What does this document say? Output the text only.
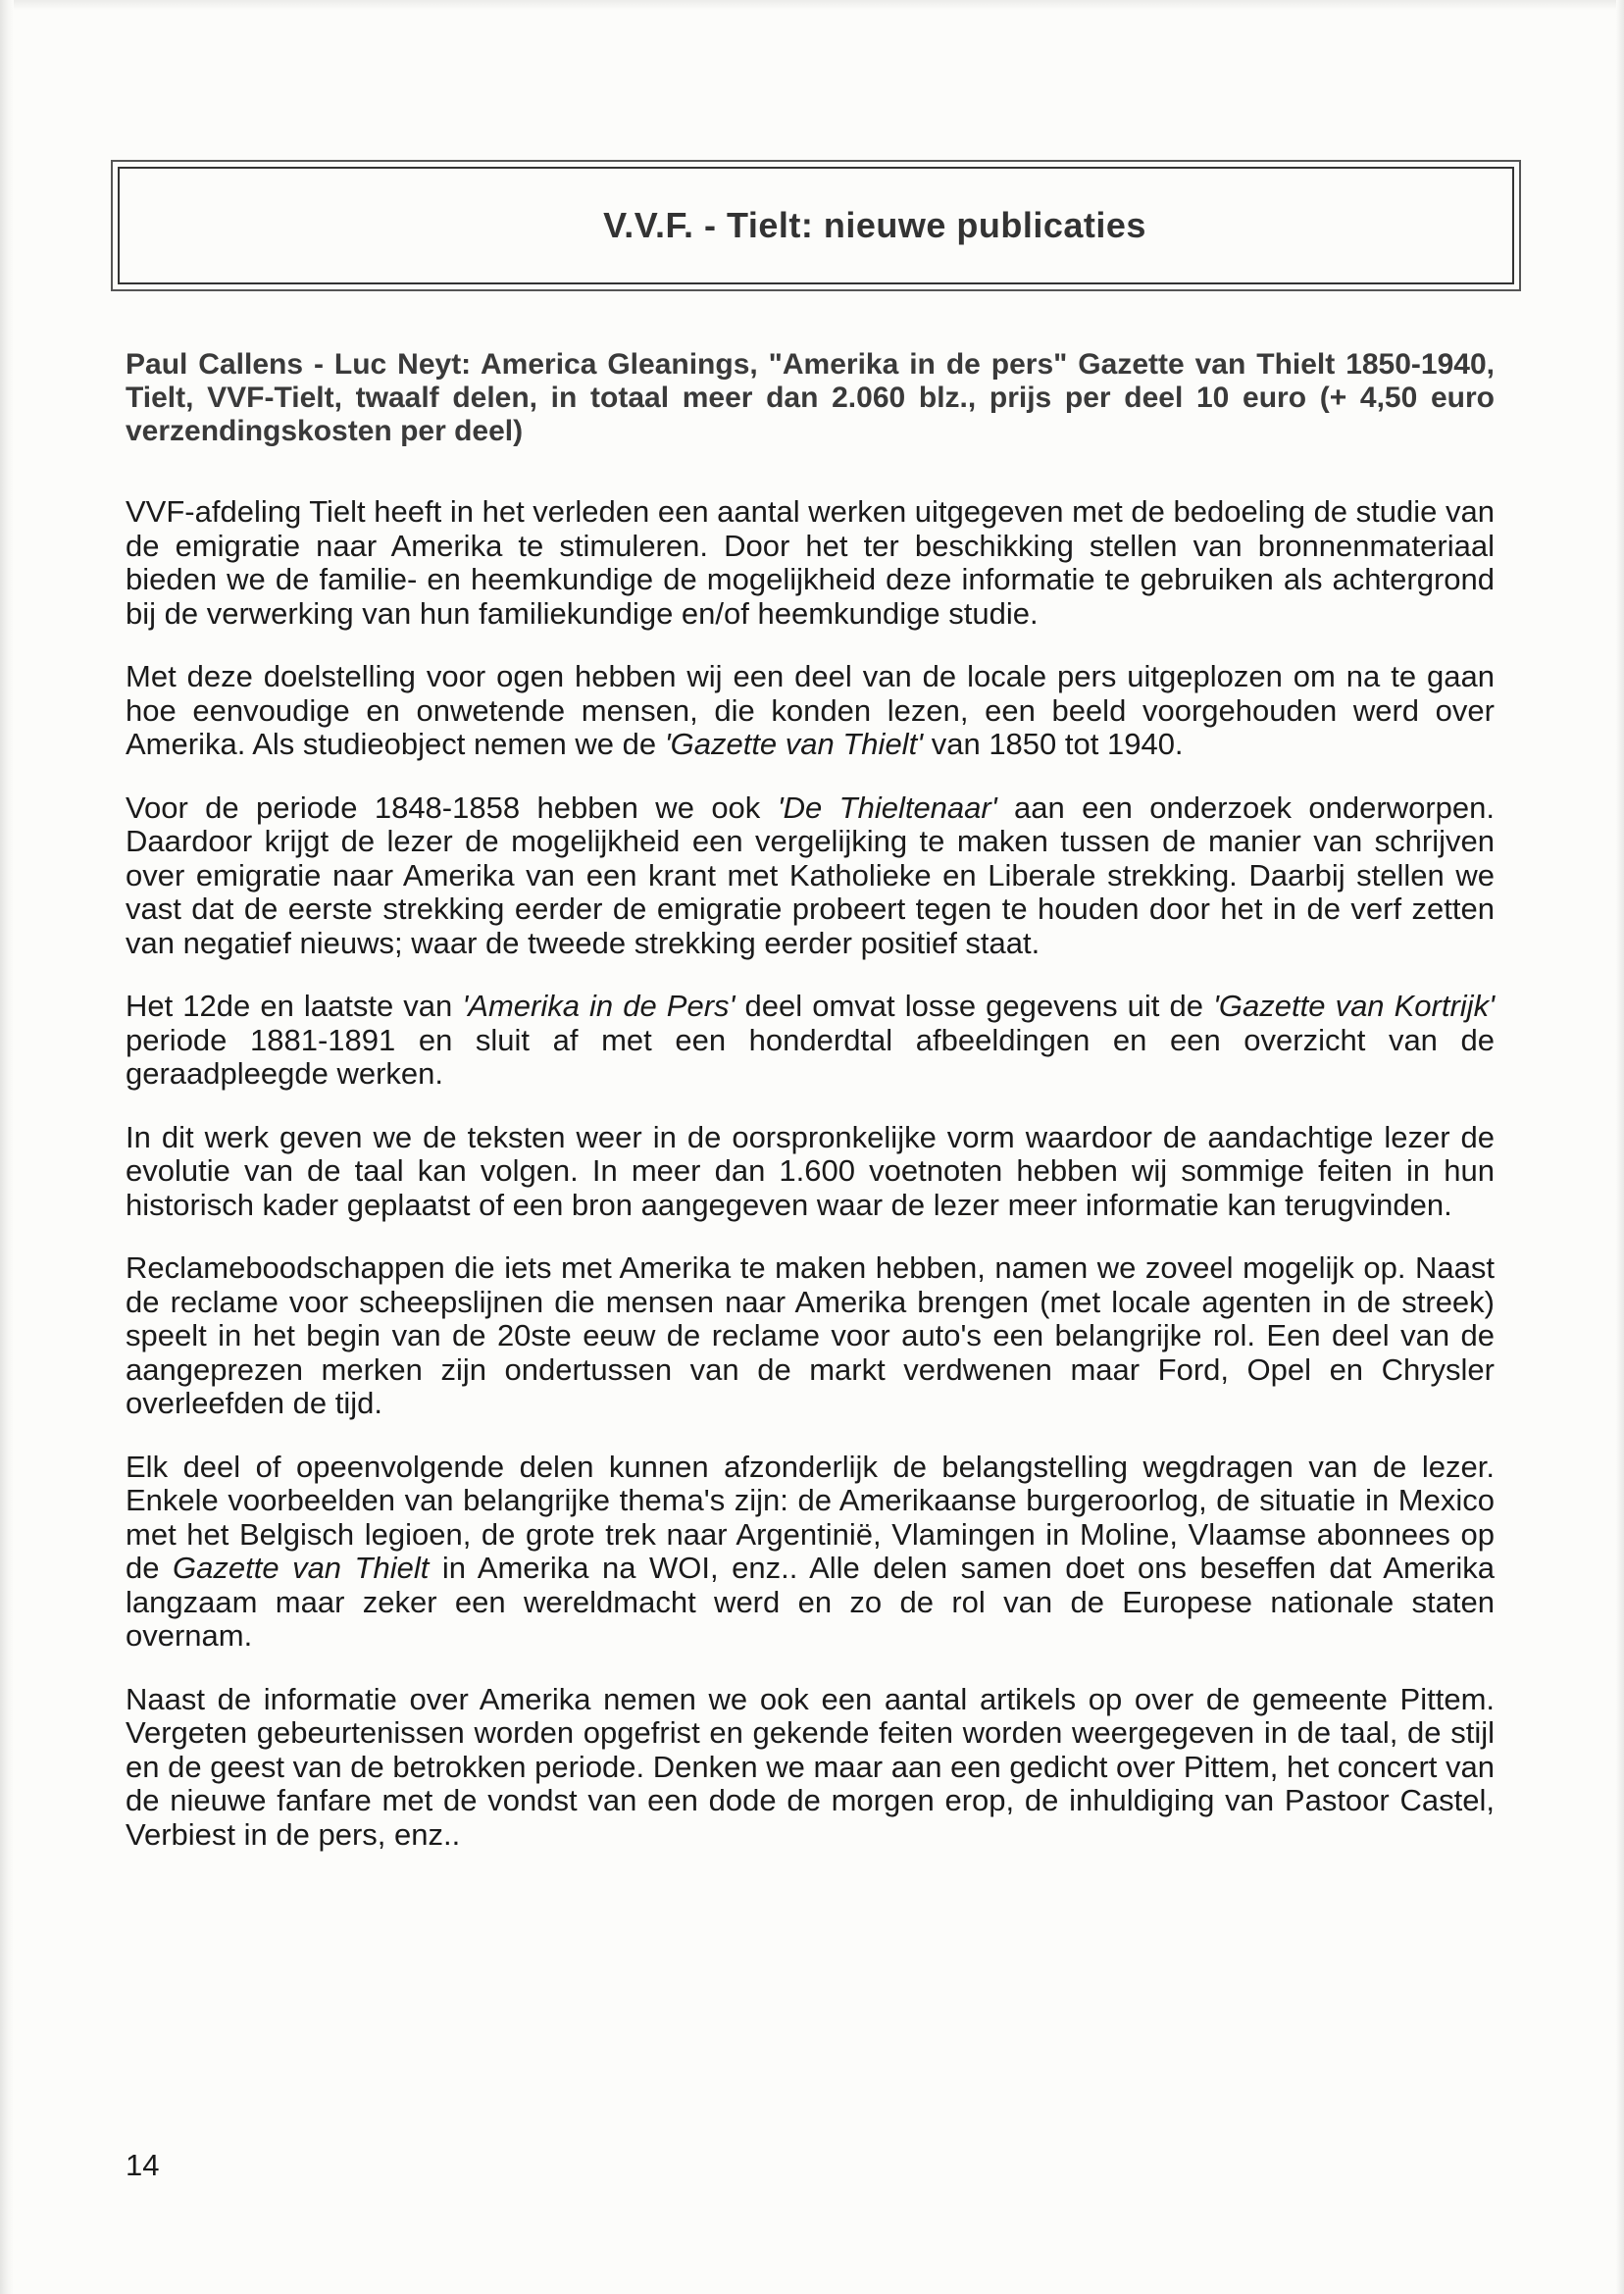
V.V.F. - Tielt: nieuwe publicaties

Paul Callens - Luc Neyt: America Gleanings, "Amerika in de pers" Gazette van Thielt 1850-1940, Tielt, VVF-Tielt, twaalf delen, in totaal meer dan 2.060 blz., prijs per deel 10 euro (+ 4,50 euro verzendingskosten per deel)

VVF-afdeling Tielt heeft in het verleden een aantal werken uitgegeven met de bedoeling de studie van de emigratie naar Amerika te stimuleren. Door het ter beschikking stellen van bronnenmateriaal bieden we de familie- en heemkundige de mogelijkheid deze informatie te gebruiken als achtergrond bij de verwerking van hun familiekundige en/of heemkundige studie.

Met deze doelstelling voor ogen hebben wij een deel van de locale pers uitgeplozen om na te gaan hoe eenvoudige en onwetende mensen, die konden lezen, een beeld voorgehouden werd over Amerika. Als studieobject nemen we de 'Gazette van Thielt' van 1850 tot 1940.

Voor de periode 1848-1858 hebben we ook 'De Thieltenaar' aan een onderzoek onderworpen. Daardoor krijgt de lezer de mogelijkheid een vergelijking te maken tussen de manier van schrijven over emigratie naar Amerika van een krant met Katholieke en Liberale strekking. Daarbij stellen we vast dat de eerste strekking eerder de emigratie probeert tegen te houden door het in de verf zetten van negatief nieuws; waar de tweede strekking eerder positief staat.

Het 12de en laatste van 'Amerika in de Pers' deel omvat losse gegevens uit de 'Gazette van Kortrijk' periode 1881-1891 en sluit af met een honderdtal afbeeldingen en een overzicht van de geraadpleegde werken.

In dit werk geven we de teksten weer in de oorspronkelijke vorm waardoor de aandachtige lezer de evolutie van de taal kan volgen. In meer dan 1.600 voetnoten hebben wij sommige feiten in hun historisch kader geplaatst of een bron aangegeven waar de lezer meer informatie kan terugvinden.

Reclameboodschappen die iets met Amerika te maken hebben, namen we zoveel mogelijk op. Naast de reclame voor scheepslijnen die mensen naar Amerika brengen (met locale agenten in de streek) speelt in het begin van de 20ste eeuw de reclame voor auto's een belangrijke rol. Een deel van de aangeprezen merken zijn ondertussen van de markt verdwenen maar Ford, Opel en Chrysler overleefden de tijd.

Elk deel of opeenvolgende delen kunnen afzonderlijk de belangstelling wegdragen van de lezer. Enkele voorbeelden van belangrijke thema's zijn: de Amerikaanse burgeroorlog, de situatie in Mexico met het Belgisch legioen, de grote trek naar Argentinië, Vlamingen in Moline, Vlaamse abonnees op de Gazette van Thielt in Amerika na WOI, enz.. Alle delen samen doet ons beseffen dat Amerika langzaam maar zeker een wereldmacht werd en zo de rol van de Europese nationale staten overnam.

Naast de informatie over Amerika nemen we ook een aantal artikels op over de gemeente Pittem. Vergeten gebeurtenissen worden opgefrist en gekende feiten worden weergegeven in de taal, de stijl en de geest van de betrokken periode. Denken we maar aan een gedicht over Pittem, het concert van de nieuwe fanfare met de vondst van een dode de morgen erop, de inhuldiging van Pastoor Castel, Verbiest in de pers, enz..

14
